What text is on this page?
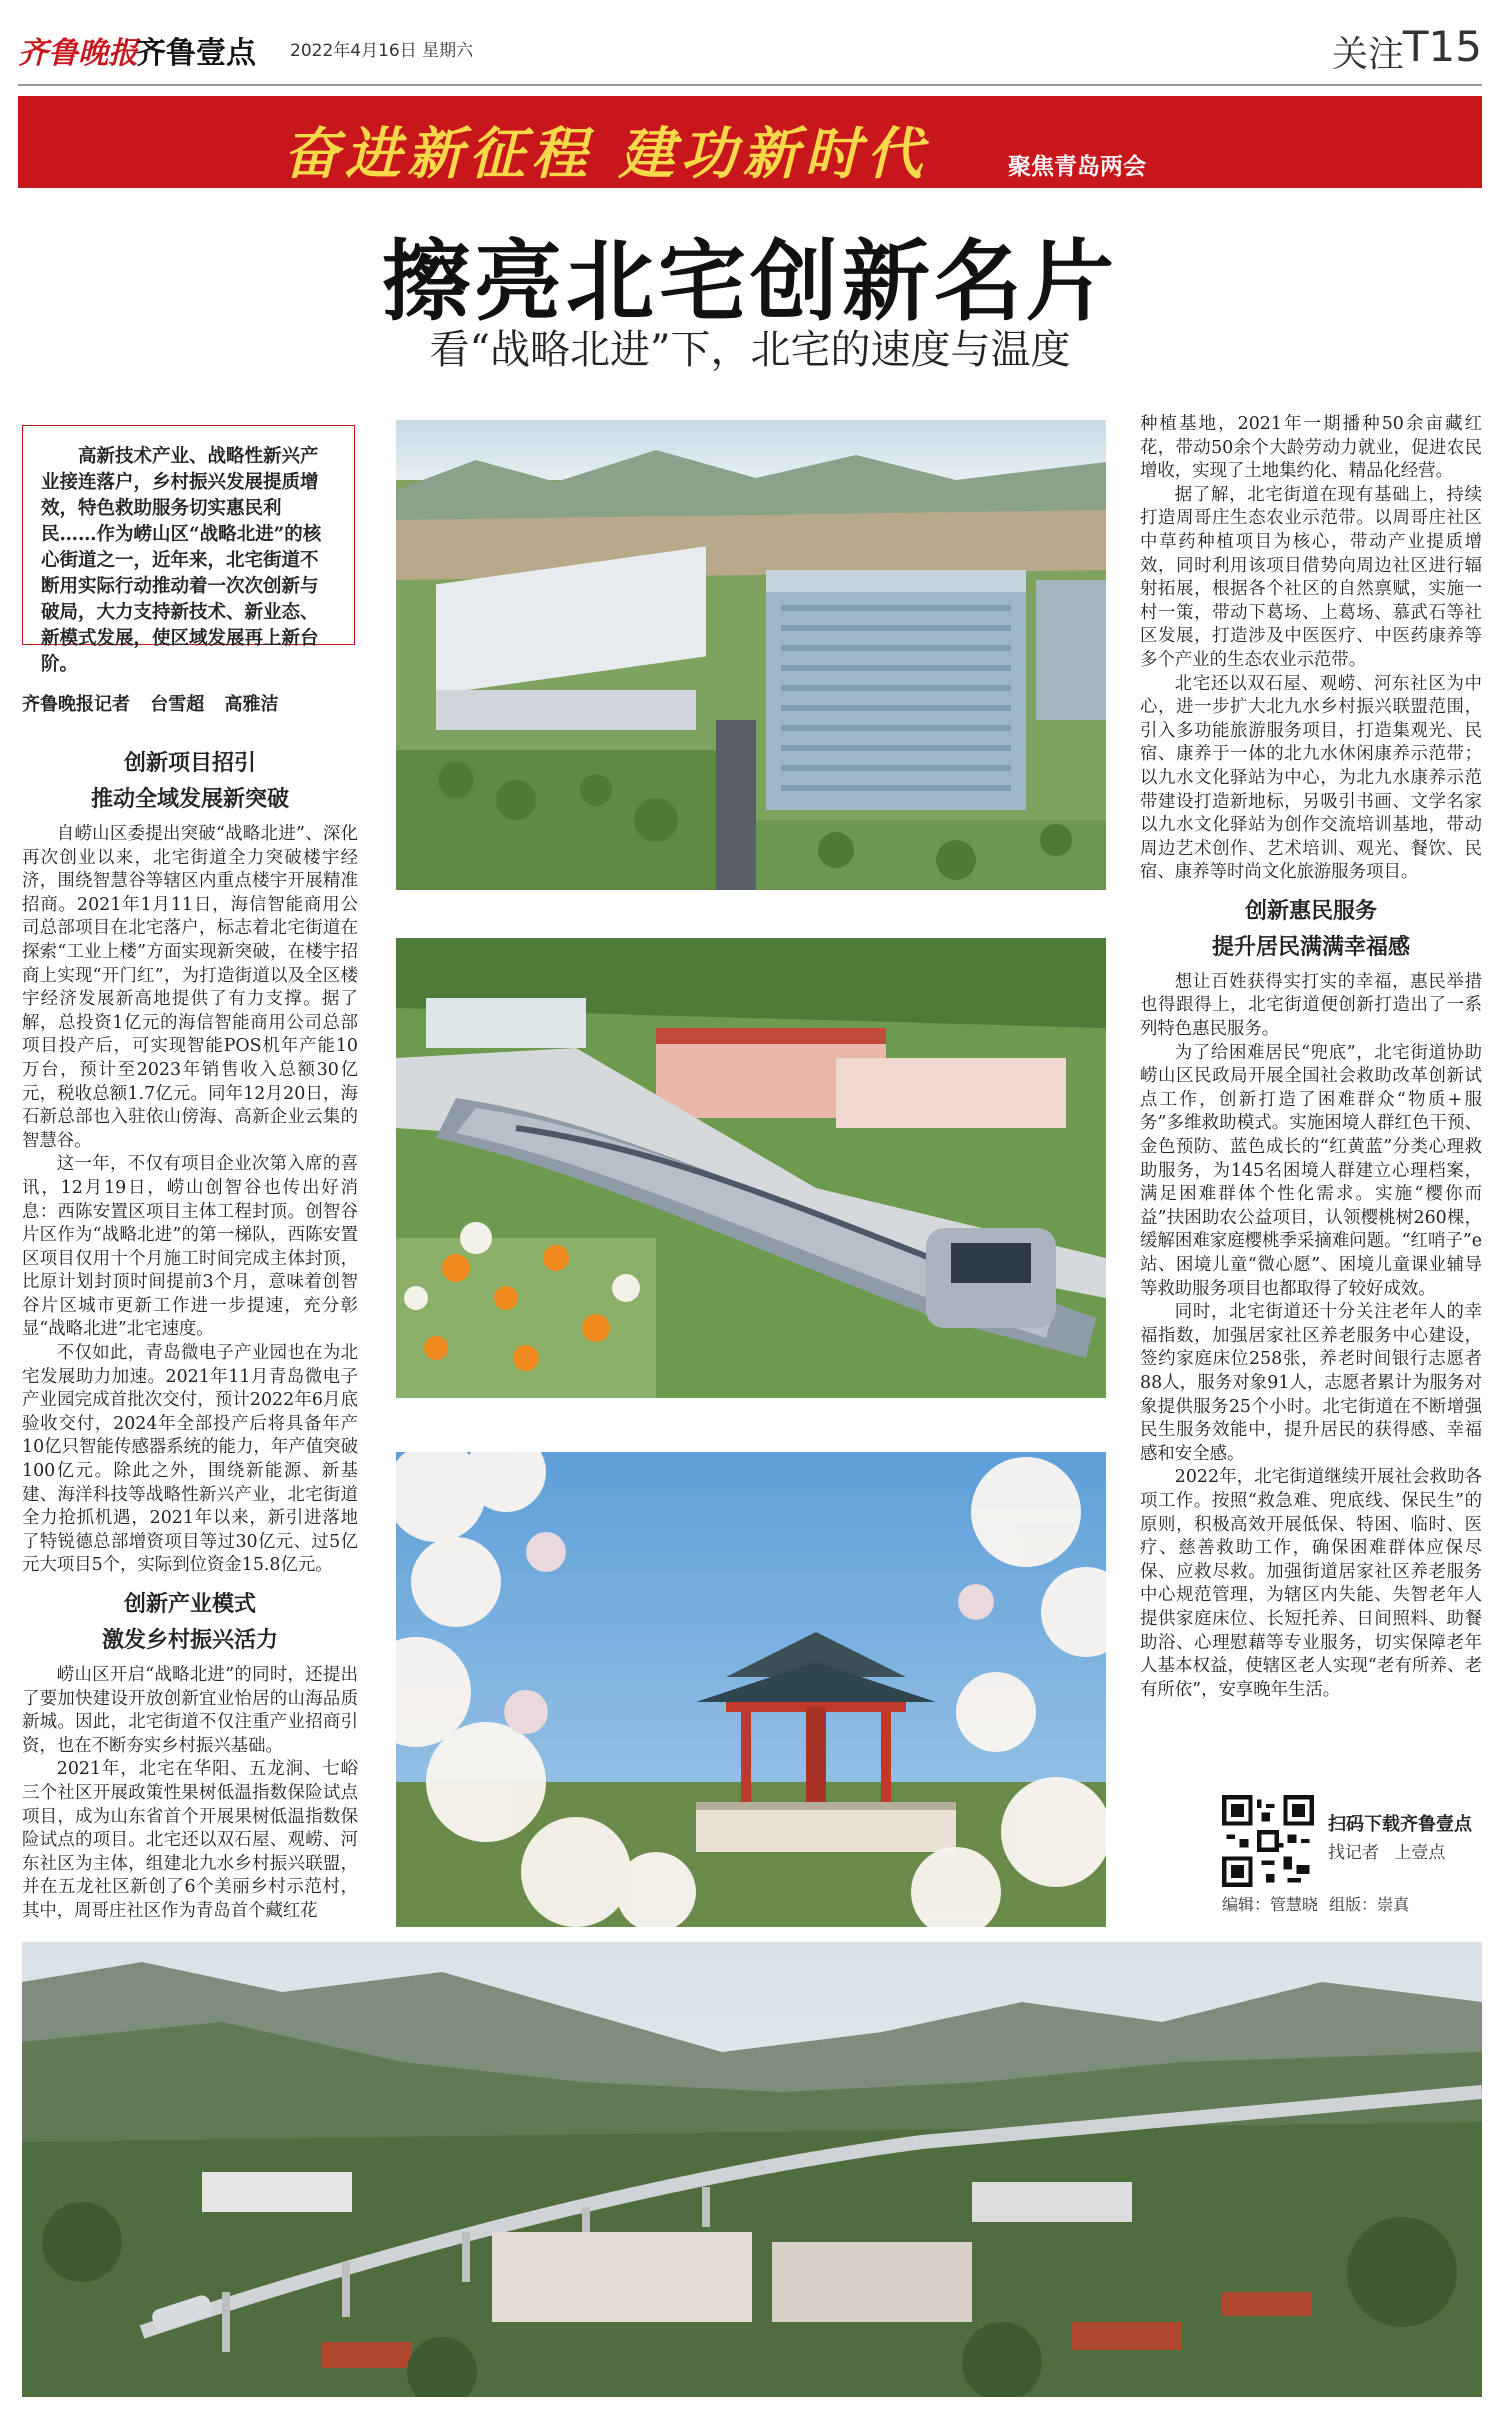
齐鲁晚报
齐鲁壹点 2022年4月16日 星期六	关注
T15
奋进新征程 建功新时代	聚焦青岛两会
擦亮北宅创新名片
看“战略北进”下，北宅的速度与温度
高新技术产业、战略性新兴产业接连落户，乡村振兴发展提质增效，特色救助服务切实惠民利民……作为崂山区“战略北进”的核心街道之一，近年来，北宅街道不断用实际行动推动着一次次创新与破局，大力支持新技术、新业态、新模式发展，使区域发展再上新台阶。
齐鲁晚报记者 台雪超 高雅洁
创新项目招引
推动全域发展新突破

自崂山区委提出突破“战略北进”、深化再次创业以来，北宅街道全力突破楼宇经济，围绕智慧谷等辖区内重点楼宇开展精准招商。2021年1月11日，海信智能商用公司总部项目在北宅落户，标志着北宅街道在探索“工业上楼”方面实现新突破，在楼宇招商上实现“开门红”，为打造街道以及全区楼宇经济发展新高地提供了有力支撑。据了解，总投资1亿元的海信智能商用公司总部项目投产后，可实现智能POS机年产能10万台，预计至2023年销售收入总额30亿元，税收总额1.7亿元。同年12月20日，海石新总部也入驻依山傍海、高新企业云集的智慧谷。

这一年，不仅有项目企业次第入席的喜讯，12月19日，崂山创智谷也传出好消息：西陈安置区项目主体工程封顶。创智谷片区作为“战略北进”的第一梯队，西陈安置区项目仅用十个月施工时间完成主体封顶，比原计划封顶时间提前3个月，意味着创智谷片区城市更新工作进一步提速，充分彰显“战略北进”北宅速度。

不仅如此，青岛微电子产业园也在为北宅发展助力加速。2021年11月青岛微电子产业园完成首批次交付，预计2022年6月底验收交付，2024年全部投产后将具备年产10亿只智能传感器系统的能力，年产值突破100亿元。除此之外，围绕新能源、新基建、海洋科技等战略性新兴产业，北宅街道全力抢抓机遇，2021年以来，新引进落地了特锐德总部增资项目等过30亿元、过5亿元大项目5个，实际到位资金15.8亿元。

创新产业模式
激发乡村振兴活力

崂山区开启“战略北进”的同时，还提出了要加快建设开放创新宜业怡居的山海品质新城。因此，北宅街道不仅注重产业招商引资，也在不断夯实乡村振兴基础。

2021年，北宅在华阳、五龙涧、七峪三个社区开展政策性果树低温指数保险试点项目，成为山东省首个开展果树低温指数保险试点的项目。北宅还以双石屋、观崂、河东社区为主体，组建北九水乡村振兴联盟，并在五龙社区新创了6个美丽乡村示范村，其中，周哥庄社区作为青岛首个藏红花

种植基地，2021年一期播种50余亩藏红花，带动50余个大龄劳动力就业，促进农民增收，实现了土地集约化、精品化经营。

据了解，北宅街道在现有基础上，持续打造周哥庄生态农业示范带。以周哥庄社区中草药种植项目为核心，带动产业提质增效，同时利用该项目借势向周边社区进行辐射拓展，根据各个社区的自然禀赋，实施一村一策，带动下葛场、上葛场、慕武石等社区发展，打造涉及中医医疗、中医药康养等多个产业的生态农业示范带。

北宅还以双石屋、观崂、河东社区为中心，进一步扩大北九水乡村振兴联盟范围，引入多功能旅游服务项目，打造集观光、民宿、康养于一体的北九水休闲康养示范带；以九水文化驿站为中心，为北九水康养示范带建设打造新地标，另吸引书画、文学名家以九水文化驿站为创作交流培训基地，带动周边艺术创作、艺术培训、观光、餐饮、民宿、康养等时尚文化旅游服务项目。

创新惠民服务
提升居民满满幸福感

想让百姓获得实打实的幸福，惠民举措也得跟得上，北宅街道便创新打造出了一系列特色惠民服务。

为了给困难居民“兜底”，北宅街道协助崂山区民政局开展全国社会救助改革创新试点工作，创新打造了困难群众“物质+服务”多维救助模式。实施困境人群红色干预、金色预防、蓝色成长的“红黄蓝”分类心理救助服务，为145名困境人群建立心理档案，满足困难群体个性化需求。实施“樱你而益”扶困助农公益项目，认领樱桃树260棵，缓解困难家庭樱桃季采摘难问题。“红哨子”e站、困境儿童“微心愿”、困境儿童课业辅导等救助服务项目也都取得了较好成效。

同时，北宅街道还十分关注老年人的幸福指数，加强居家社区养老服务中心建设，签约家庭床位258张，养老时间银行志愿者88人，服务对象91人，志愿者累计为服务对象提供服务25个小时。北宅街道在不断增强民生服务效能中，提升居民的获得感、幸福感和安全感。

2022年，北宅街道继续开展社会救助各项工作。按照“救急难、兜底线、保民生”的原则，积极高效开展低保、特困、临时、医疗、慈善救助工作，确保困难群体应保尽保、应救尽救。加强街道居家社区养老服务中心规范管理，为辖区内失能、失智老年人提供家庭床位、长短托养、日间照料、助餐助浴、心理慰藉等专业服务，切实保障老年人基本权益，使辖区老人实现“老有所养、老有所依”，安享晚年生活。

扫码下载齐鲁壹点
找记者 上壹点
编辑：管慧晓 组版：崇真
